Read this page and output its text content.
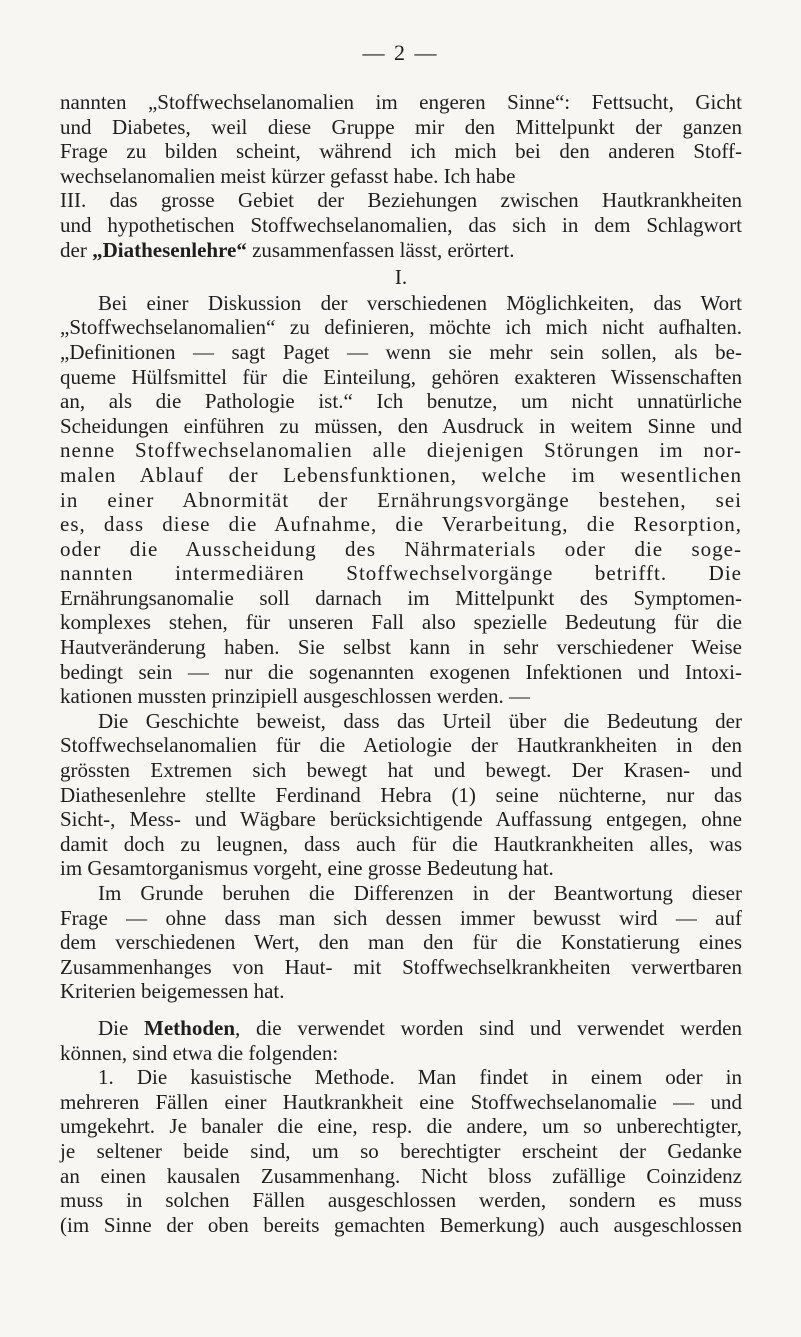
— 2 —
nannten „Stoffwechselanomalien im engeren Sinne“: Fettsucht, Gicht
und Diabetes, weil diese Gruppe mir den Mittelpunkt der ganzen
Frage zu bilden scheint, während ich mich bei den anderen Stoff-
wechselanomalien meist kürzer gefasst habe. Ich habe
III. das grosse Gebiet der Beziehungen zwischen Hautkrankheiten
und hypothetischen Stoffwechselanomalien, das sich in dem Schlagwort
der „Diathesenlehre“ zusammenfassen lässt, erörtert.
I.
Bei einer Diskussion der verschiedenen Möglichkeiten, das Wort
„Stoffwechselanomalien“ zu definieren, möchte ich mich nicht aufhalten.
„Definitionen — sagt Paget — wenn sie mehr sein sollen, als be-
queme Hülfsmittel für die Einteilung, gehören exakteren Wissenschaften
an, als die Pathologie ist.“ Ich benutze, um nicht unnatürliche
Scheidungen einführen zu müssen, den Ausdruck in weitem Sinne und
nenne Stoffwechselanomalien alle diejenigen Störungen im nor-
malen Ablauf der Lebensfunktionen, welche im wesentlichen
in einer Abnormität der Ernährungsvorgänge bestehen, sei
es, dass diese die Aufnahme, die Verarbeitung, die Resorption,
oder die Ausscheidung des Nährmaterials oder die soge-
nannten intermediären Stoffwechselvorgänge betrifft. Die
Ernährungsanomalie soll darnach im Mittelpunkt des Symptomen-
komplexes stehen, für unseren Fall also spezielle Bedeutung für die
Hautveränderung haben. Sie selbst kann in sehr verschiedener Weise
bedingt sein — nur die sogenannten exogenen Infektionen und Intoxi-
kationen mussten prinzipiell ausgeschlossen werden. —
Die Geschichte beweist, dass das Urteil über die Bedeutung der
Stoffwechselanomalien für die Aetiologie der Hautkrankheiten in den
grössten Extremen sich bewegt hat und bewegt. Der Krasen- und
Diathesenlehre stellte Ferdinand Hebra (1) seine nüchterne, nur das
Sicht-, Mess- und Wägbare berücksichtigende Auffassung entgegen, ohne
damit doch zu leugnen, dass auch für die Hautkrankheiten alles, was
im Gesamtorganismus vorgeht, eine grosse Bedeutung hat.
Im Grunde beruhen die Differenzen in der Beantwortung dieser
Frage — ohne dass man sich dessen immer bewusst wird — auf
dem verschiedenen Wert, den man den für die Konstatierung eines
Zusammenhanges von Haut- mit Stoffwechselkrankheiten verwertbaren
Kriterien beigemessen hat.
Die Methoden, die verwendet worden sind und verwendet werden
können, sind etwa die folgenden:
1. Die kasuistische Methode. Man findet in einem oder in
mehreren Fällen einer Hautkrankheit eine Stoffwechselanomalie — und
umgekehrt. Je banaler die eine, resp. die andere, um so unberechtigter,
je seltener beide sind, um so berechtigter erscheint der Gedanke
an einen kausalen Zusammenhang. Nicht bloss zufällige Coinzidenz
muss in solchen Fällen ausgeschlossen werden, sondern es muss
(im Sinne der oben bereits gemachten Bemerkung) auch ausgeschlossen
